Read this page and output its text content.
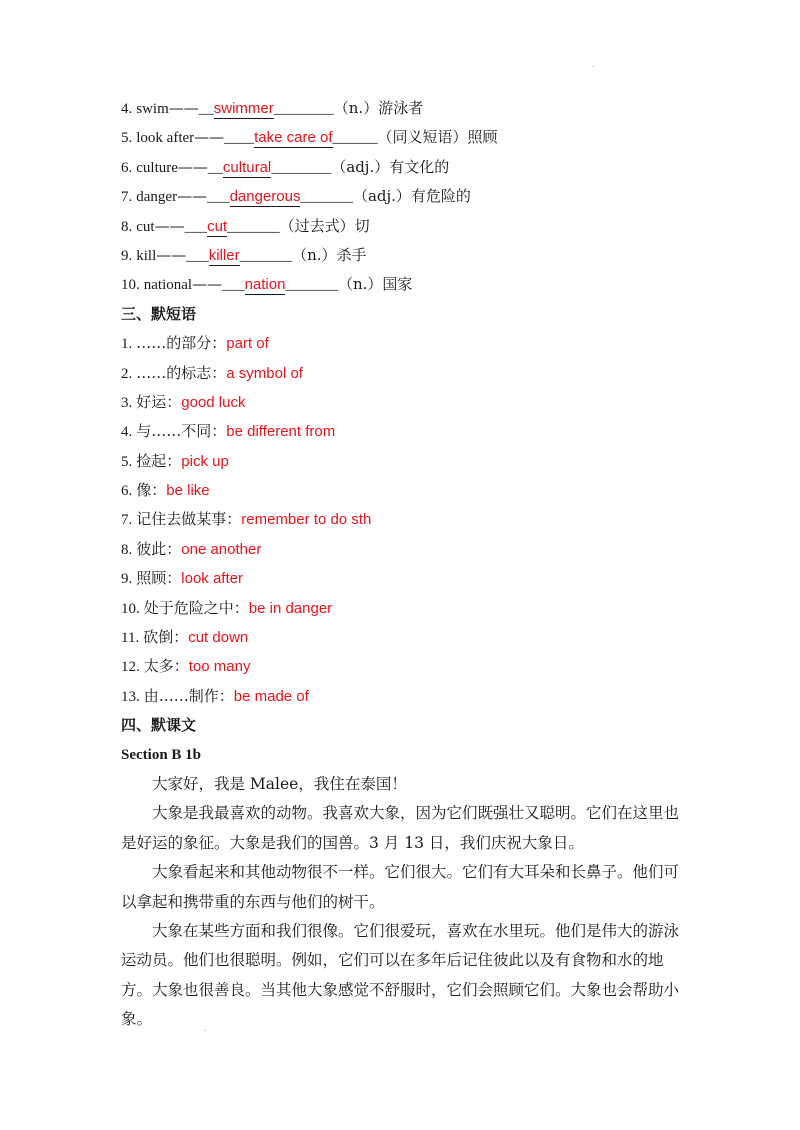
.
4. swim——__swimmer________（n.）游泳者
5. look after——____take care of______（同义短语）照顾
6. culture——__cultural________（adj.）有文化的
7. danger——___dangerous_______（adj.）有危险的
8. cut——___cut_______（过去式）切
9. kill——___killer_______（n.）杀手
10. national——___nation_______（n.）国家
三、默短语
1. ……的部分：part of
2. ……的标志：a symbol of
3. 好运：good luck
4. 与……不同：be different from
5. 捡起：pick up
6. 像：be like
7. 记住去做某事：remember to do sth
8. 彼此：one another
9. 照顾：look after
10. 处于危险之中：be in danger
11. 砍倒：cut down
12. 太多：too many
13. 由……制作：be made of
四、默课文
Section B 1b

大家好，我是 Malee，我住在泰国！

大象是我最喜欢的动物。我喜欢大象，因为它们既强壮又聪明。它们在这里也是好运的象征。大象是我们的国兽。3 月 13 日，我们庆祝大象日。

大象看起来和其他动物很不一样。它们很大。它们有大耳朵和长鼻子。他们可以拿起和携带重的东西与他们的树干。

大象在某些方面和我们很像。它们很爱玩，喜欢在水里玩。他们是伟大的游泳运动员。他们也很聪明。例如，它们可以在多年后记住彼此以及有食物和水的地方。大象也很善良。当其他大象感觉不舒服时，它们会照顾它们。大象也会帮助小象。

.
